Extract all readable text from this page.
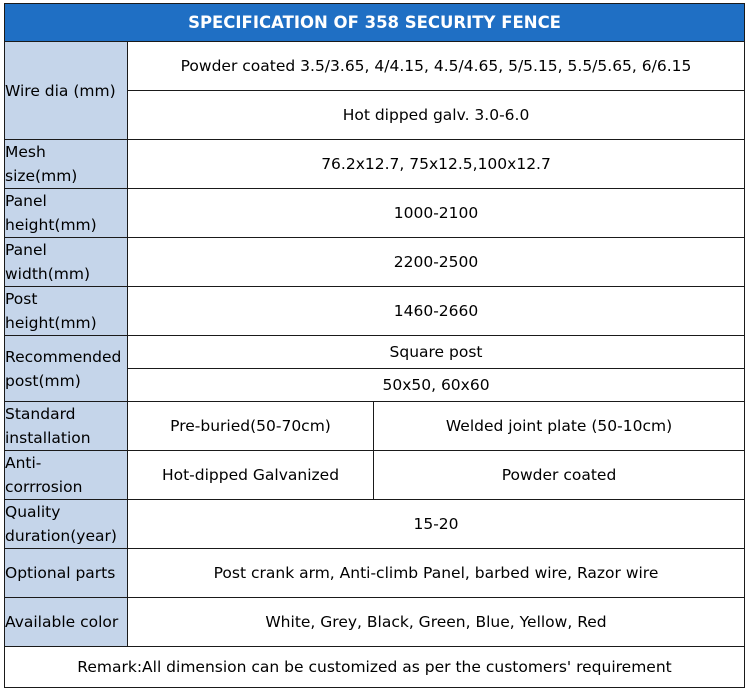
SPECIFICATION OF 358 SECURITY FENCE		
Wire dia (mm)	Powder coated 3.5/3.65, 4/4.15, 4.5/4.65, 5/5.15, 5.5/5.65, 6/6.15	
	Hot dipped galv. 3.0-6.0	

Mesh
size(mm)	76.2x12.7, 75x12.5,100x12.7	

Panel
height(mm)	1000-2100	

Panel
width(mm)	2200-2500	

Post
height(mm)	1460-2660	

Recommended
post(mm)	Square post	
	50x50, 60x60	

Standard
installation	Pre-buried(50-70cm)	Welded joint plate (50-10cm)

Anti-
corrrosion	Hot-dipped Galvanized	Powder coated

Quality
duration(year)	15-20	
Optional parts	Post crank arm, Anti-climb Panel, barbed wire, Razor wire	
Available color	White, Grey, Black, Green, Blue, Yellow, Red	
Remark:All dimension can be customized as per the customers' requirement		
